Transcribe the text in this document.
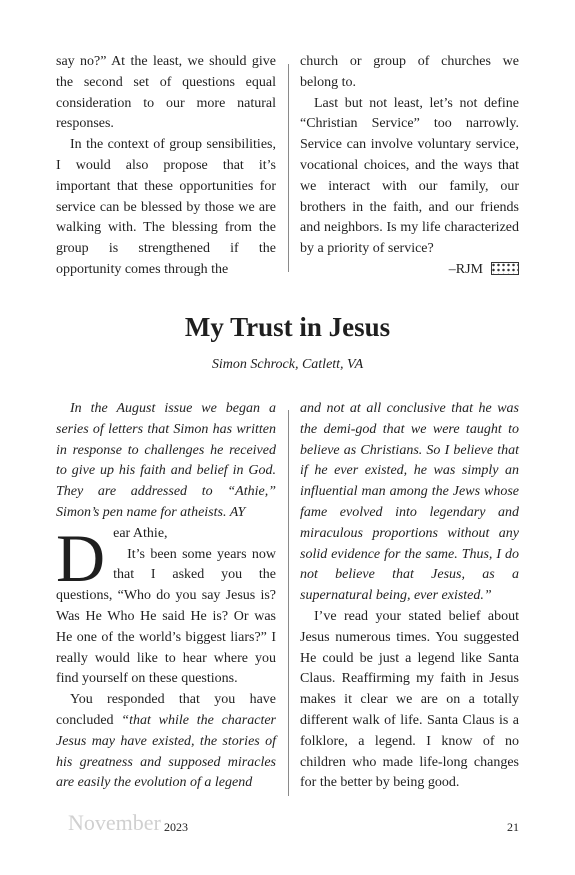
say no?” At the least, we should give the second set of questions equal consideration to our more natural responses.

In the context of group sensibilities, I would also propose that it’s important that these opportunities for service can be blessed by those we are walking with. The blessing from the group is strengthened if the opportunity comes through the

church or group of churches we belong to.

Last but not least, let’s not define “Christian Service” too narrowly. Service can involve voluntary service, vocational choices, and the ways that we interact with our family, our brothers in the faith, and our friends and neighbors. Is my life characterized by a priority of service?

–RJM

My Trust in Jesus
Simon Schrock, Catlett, VA

In the August issue we began a series of letters that Simon has written in response to challenges he received to give up his faith and belief in God. They are addressed to “Athie,” Simon’s pen name for atheists. AY

Dear Athie,

It’s been some years now that I asked you the questions, “Who do you say Jesus is? Was He Who He said He is? Or was He one of the world’s biggest liars?” I really would like to hear where you find yourself on these questions.

You responded that you have concluded “that while the character Jesus may have existed, the stories of his greatness and supposed miracles are easily the evolution of a legend

and not at all conclusive that he was the demi-god that we were taught to believe as Christians. So I believe that if he ever existed, he was simply an influential man among the Jews whose fame evolved into legendary and miraculous proportions without any solid evidence for the same. Thus, I do not believe that Jesus, as a supernatural being, ever existed.”

I’ve read your stated belief about Jesus numerous times. You suggested He could be just a legend like Santa Claus. Reaffirming my faith in Jesus makes it clear we are on a totally different walk of life. Santa Claus is a folklore, a legend. I know of no children who made life-long changes for the better by being good.

November 2023	21
